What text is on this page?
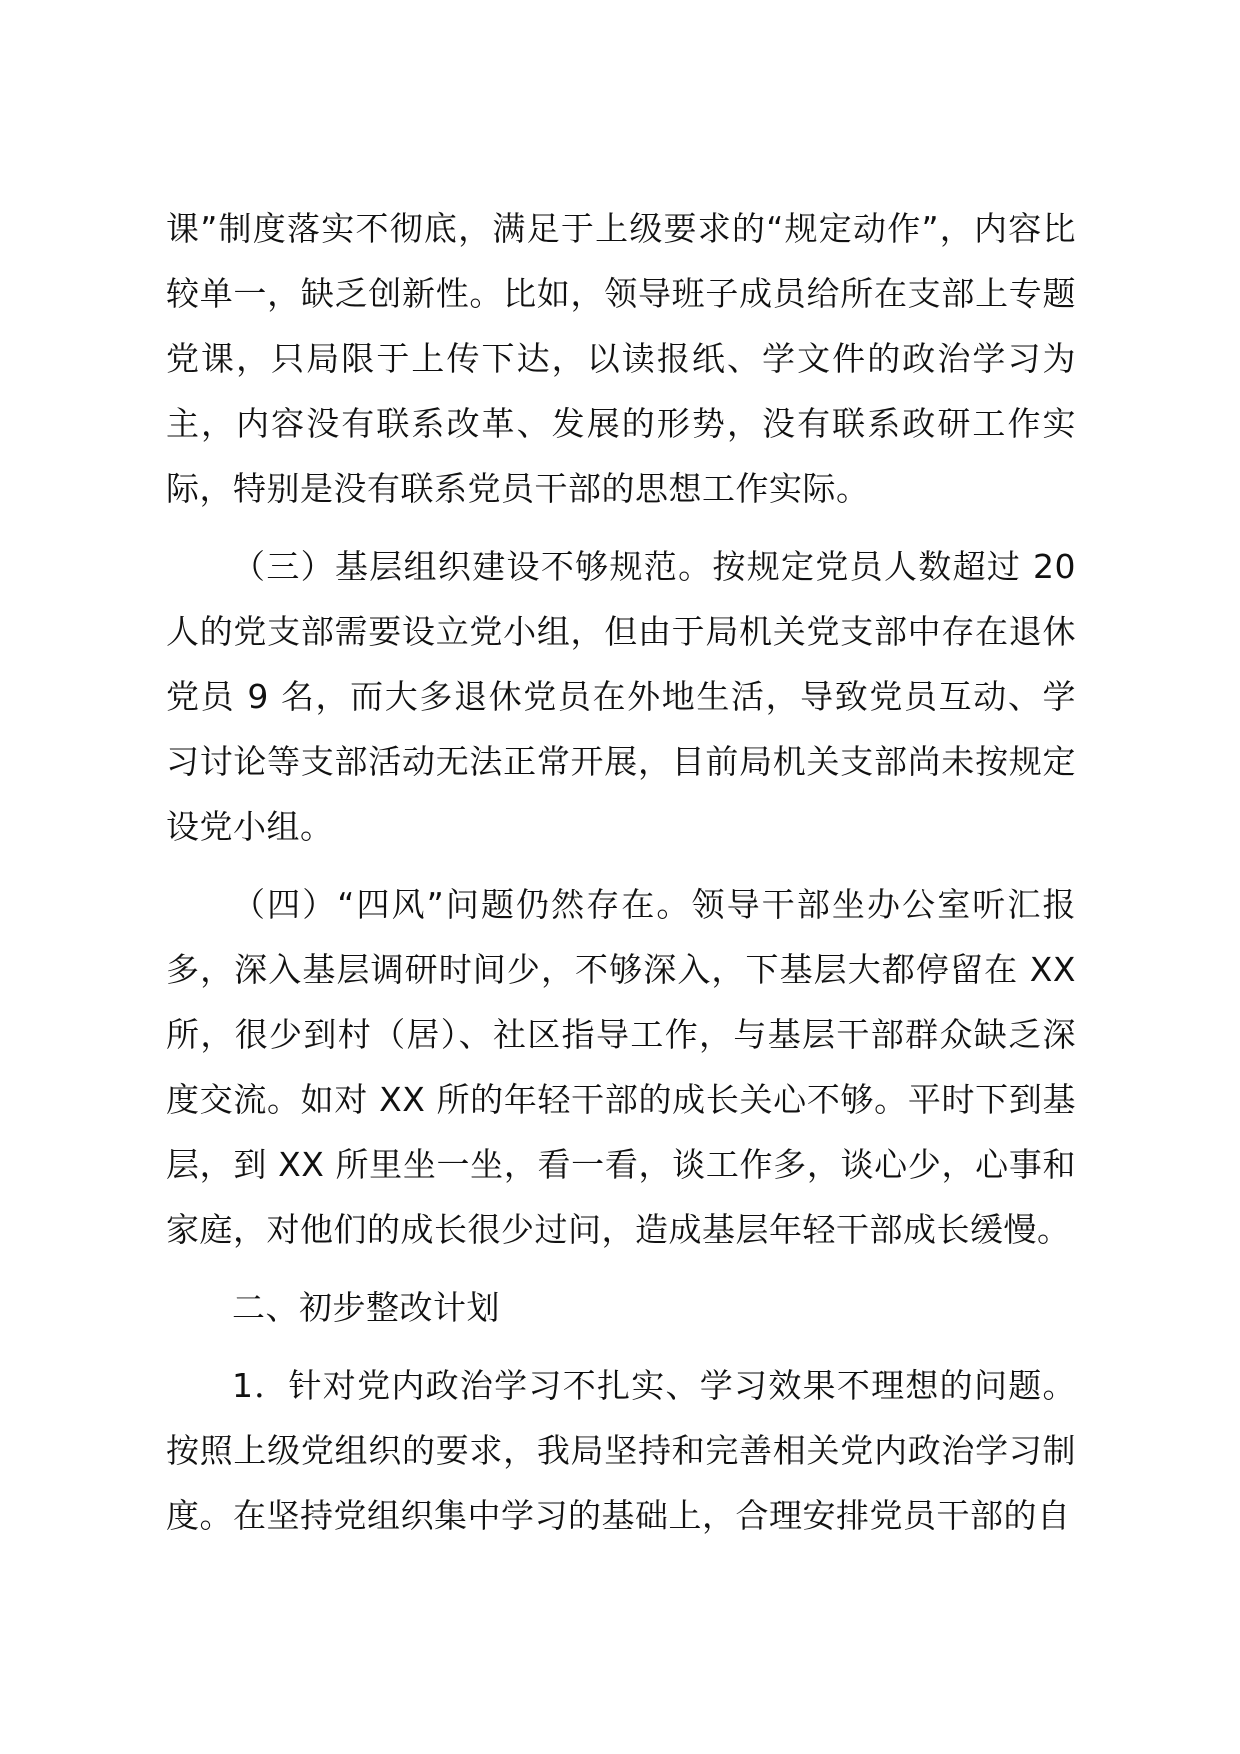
课”制度落实不彻底，满足于上级要求的“规定动作”，内容比较单一，缺乏创新性。比如，领导班子成员给所在支部上专题党课，只局限于上传下达，以读报纸、学文件的政治学习为主，内容没有联系改革、发展的形势，没有联系政研工作实际，特别是没有联系党员干部的思想工作实际。

（三）基层组织建设不够规范。按规定党员人数超过 20 人的党支部需要设立党小组，但由于局机关党支部中存在退休党员 9 名，而大多退休党员在外地生活，导致党员互动、学习讨论等支部活动无法正常开展，目前局机关支部尚未按规定设党小组。

（四）“四风”问题仍然存在。领导干部坐办公室听汇报多，深入基层调研时间少，不够深入，下基层大都停留在 XX 所，很少到村（居）、社区指导工作，与基层干部群众缺乏深度交流。如对 XX 所的年轻干部的成长关心不够。平时下到基层，到 XX 所里坐一坐，看一看，谈工作多，谈心少，心事和家庭，对他们的成长很少过问，造成基层年轻干部成长缓慢。

二、初步整改计划

1．针对党内政治学习不扎实、学习效果不理想的问题。按照上级党组织的要求，我局坚持和完善相关党内政治学习制度。在坚持党组织集中学习的基础上，合理安排党员干部的自
